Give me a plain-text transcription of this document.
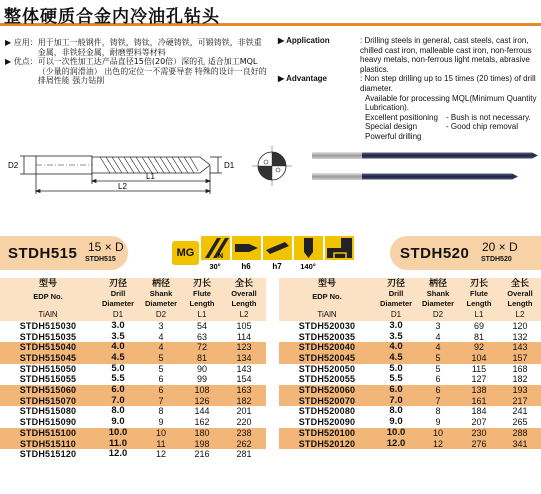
整体硬质合金内冷油孔钻头
▶ 应用： 用于加工一般钢件，铸铁，铸钛，冷硬铸铁，可锻铸铁，非铁重金属，非铁轻金属，耐磨塑料等材料
▶ 优点： 可以一次性加工达产品直径15倍(20倍）深的孔 适合加工MQL（少量的润滑油） 出色的定位一不需要导套 特殊的设计一良好的排屑性能 强力钻削
▶ Application	: Drilling steels in general, cast steels, cast iron, chilled cast iron, malleable cast iron, non-ferrous heavy metals, non-ferrous light metals, abrasive plastics.
▶ Advantage	: Non step drilling up to 15 times (20 times) of drill diameter.
Available for processing MQL(Minimum Quantity Lubrication).
Excellent positioning	- Bush is not necessary.
Special design	- Good chip removal
Powerful drilling
D2	D1
L1
L2
STDH515 15 × D
STDH515
MG	N
30°	h6	h7 140°
STDH520 20 × D
STDH520
型号	刃径	柄径	刃长	全长
EDP No.	Drill Diameter	Shank Diameter	Flute Length	Overall Length
TiAlN	D1	D2	L1	L2
STDH515030	3.0	3	54	105
STDH515035	3.5	4	63	114
STDH515040	4.0	4	72	123
STDH515045	4.5	5	81	134
STDH515050	5.0	5	90	143
STDH515055	5.5	6	99	154
STDH515060	6.0	6	108	163
STDH515070	7.0	7	126	182
STDH515080	8.0	8	144	201
STDH515090	9.0	9	162	220
STDH515100	10.0	10	180	238
STDH515110	11.0	11	198	262
STDH515120	12.0	12	216	281
型号	刃径	柄径	刃长	全长
EDP No.	Drill Diameter	Shank Diameter	Flute Length	Overall Length
TiAlN	D1	D2	L1	L2
STDH520030	3.0	3	69	120
STDH520035	3.5	4	81	132
STDH520040	4.0	4	92	143
STDH520045	4.5	5	104	157
STDH520050	5.0	5	115	168
STDH520055	5.5	6	127	182
STDH520060	6.0	6	138	193
STDH520070	7.0	7	161	217
STDH520080	8.0	8	184	241
STDH520090	9.0	9	207	265
STDH520100	10.0	10	230	288
STDH520120	12.0	12	276	341
